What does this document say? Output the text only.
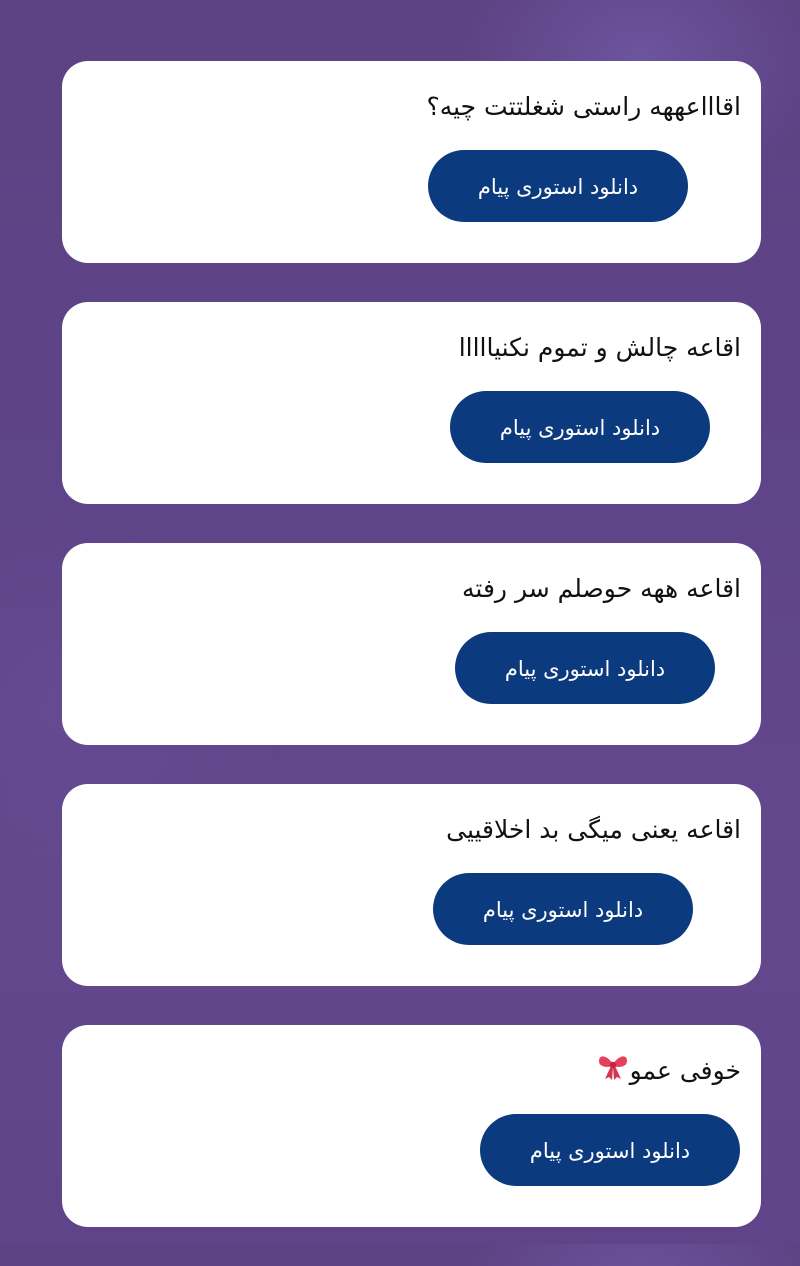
اقاااعههه راستی شغلتتت چیه؟
دانلود استوری پیام
اقاعه چالش و تموم نکنیااااا
دانلود استوری پیام
اقاعه ههه حوصلم سر رفته
دانلود استوری پیام
اقاعه یعنی میگی بد اخلاقییی
دانلود استوری پیام
خوفی عمو
دانلود استوری پیام
